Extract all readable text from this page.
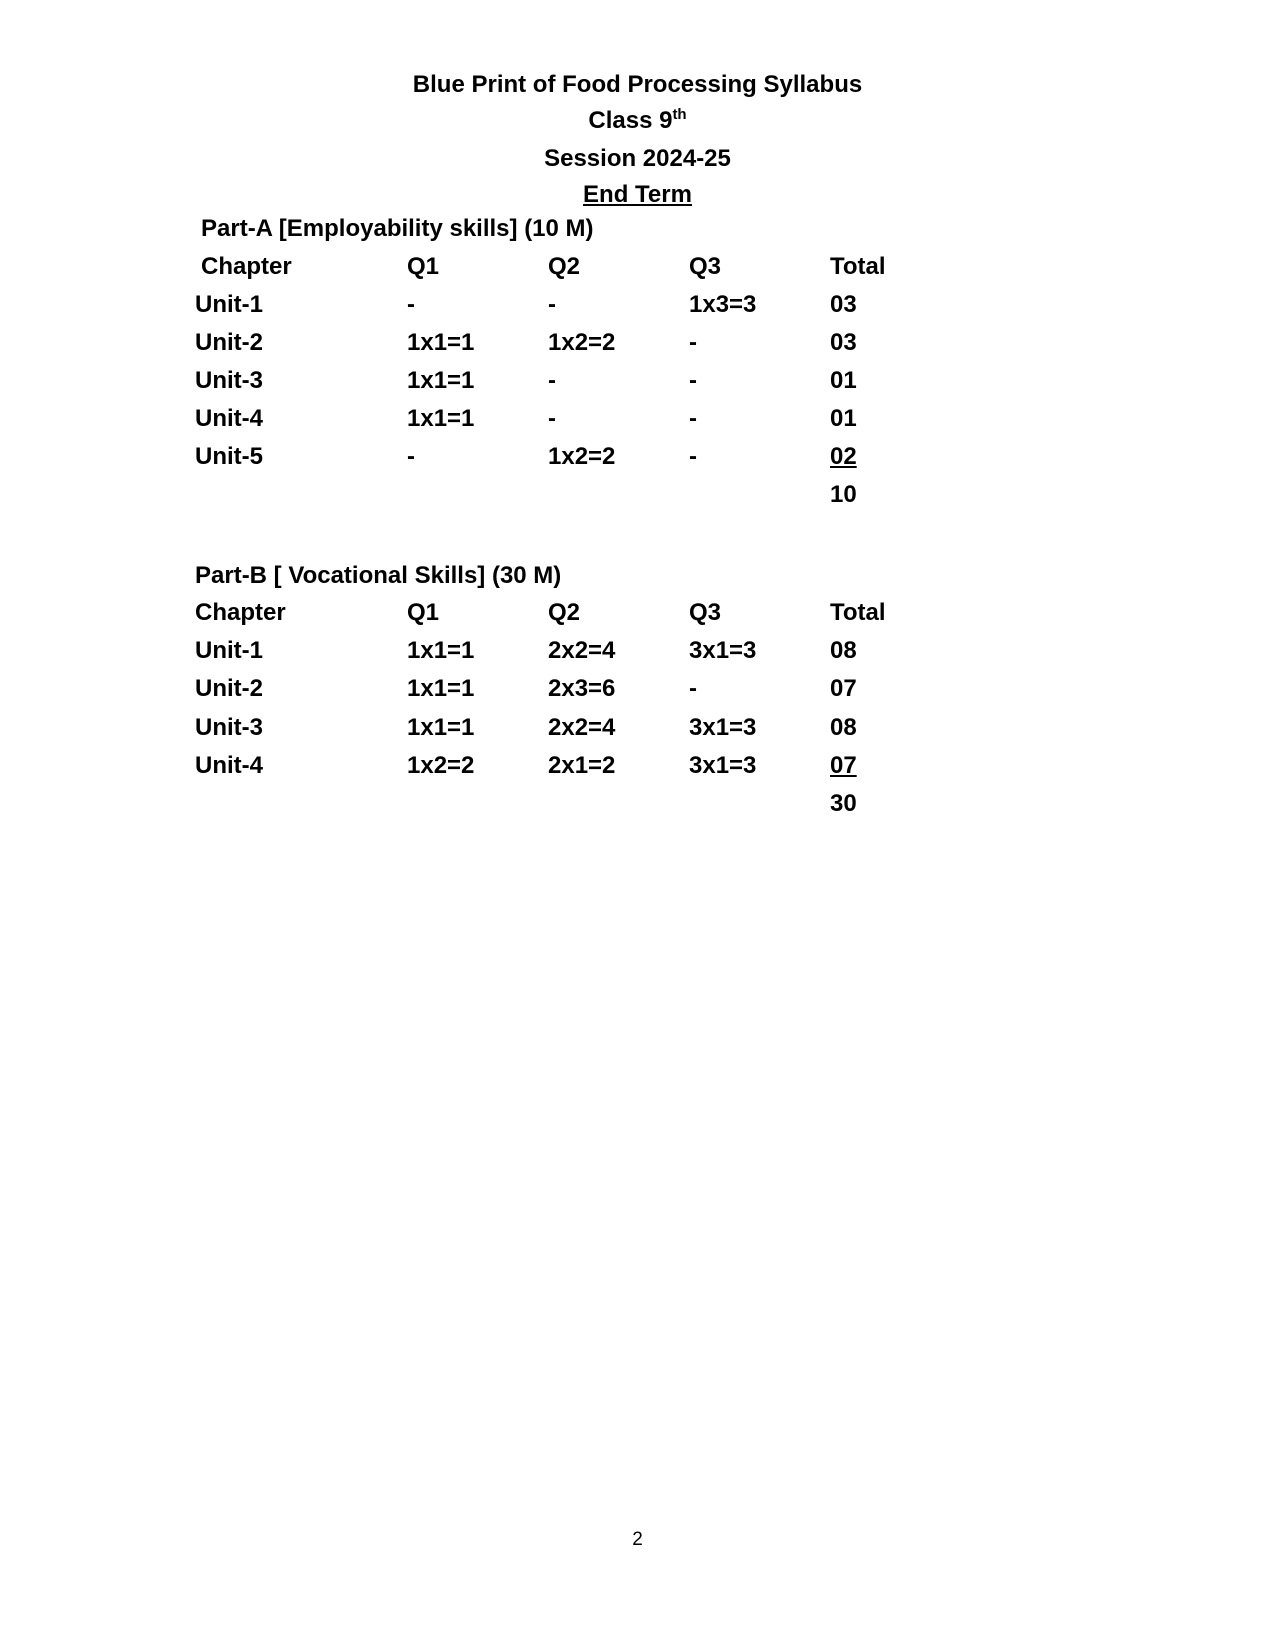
Blue Print of Food Processing Syllabus
Class 9th
Session 2024-25
End Term
Part-A [Employability skills] (10 M)
Chapter	Q1	Q2	Q3	Total
Unit-1	-	-	1x3=3	03
Unit-2	1x1=1	1x2=2	-	03
Unit-3	1x1=1	-	-	01
Unit-4	1x1=1	-	-	01
Unit-5	-	1x2=2	-	02
10
Part-B [ Vocational Skills] (30 M)
Chapter	Q1	Q2	Q3	Total
Unit-1	1x1=1	2x2=4	3x1=3	08
Unit-2	1x1=1	2x3=6	-	07
Unit-3	1x1=1	2x2=4	3x1=3	08
Unit-4	1x2=2	2x1=2	3x1=3	07
30
2
